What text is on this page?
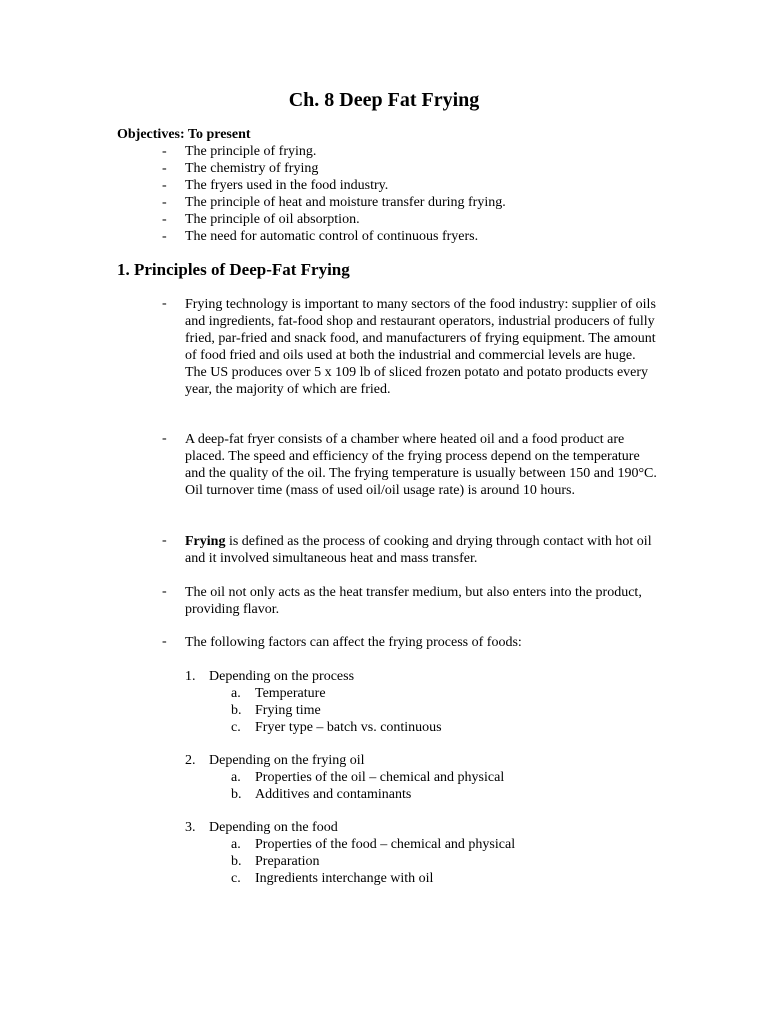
Ch. 8 Deep Fat Frying
Objectives: To present
- The principle of frying.
- The chemistry of frying
- The fryers used in the food industry.
- The principle of heat and moisture transfer during frying.
- The principle of oil absorption.
- The need for automatic control of continuous fryers.
1. Principles of Deep-Fat Frying
- Frying technology is important to many sectors of the food industry: supplier of oils and ingredients, fat-food shop and restaurant operators, industrial producers of fully fried, par-fried and snack food, and manufacturers of frying equipment. The amount of food fried and oils used at both the industrial and commercial levels are huge. The US produces over 5 x 109 lb of sliced frozen potato and potato products every year, the majority of which are fried.
- A deep-fat fryer consists of a chamber where heated oil and a food product are placed. The speed and efficiency of the frying process depend on the temperature and the quality of the oil. The frying temperature is usually between 150 and 190°C. Oil turnover time (mass of used oil/oil usage rate) is around 10 hours.
- Frying is defined as the process of cooking and drying through contact with hot oil and it involved simultaneous heat and mass transfer.
- The oil not only acts as the heat transfer medium, but also enters into the product, providing flavor.
- The following factors can affect the frying process of foods:
1. Depending on the process
a. Temperature
b. Frying time
c. Fryer type – batch vs. continuous
2. Depending on the frying oil
a. Properties of the oil – chemical and physical
b. Additives and contaminants
3. Depending on the food
a. Properties of the food – chemical and physical
b. Preparation
c. Ingredients interchange with oil
